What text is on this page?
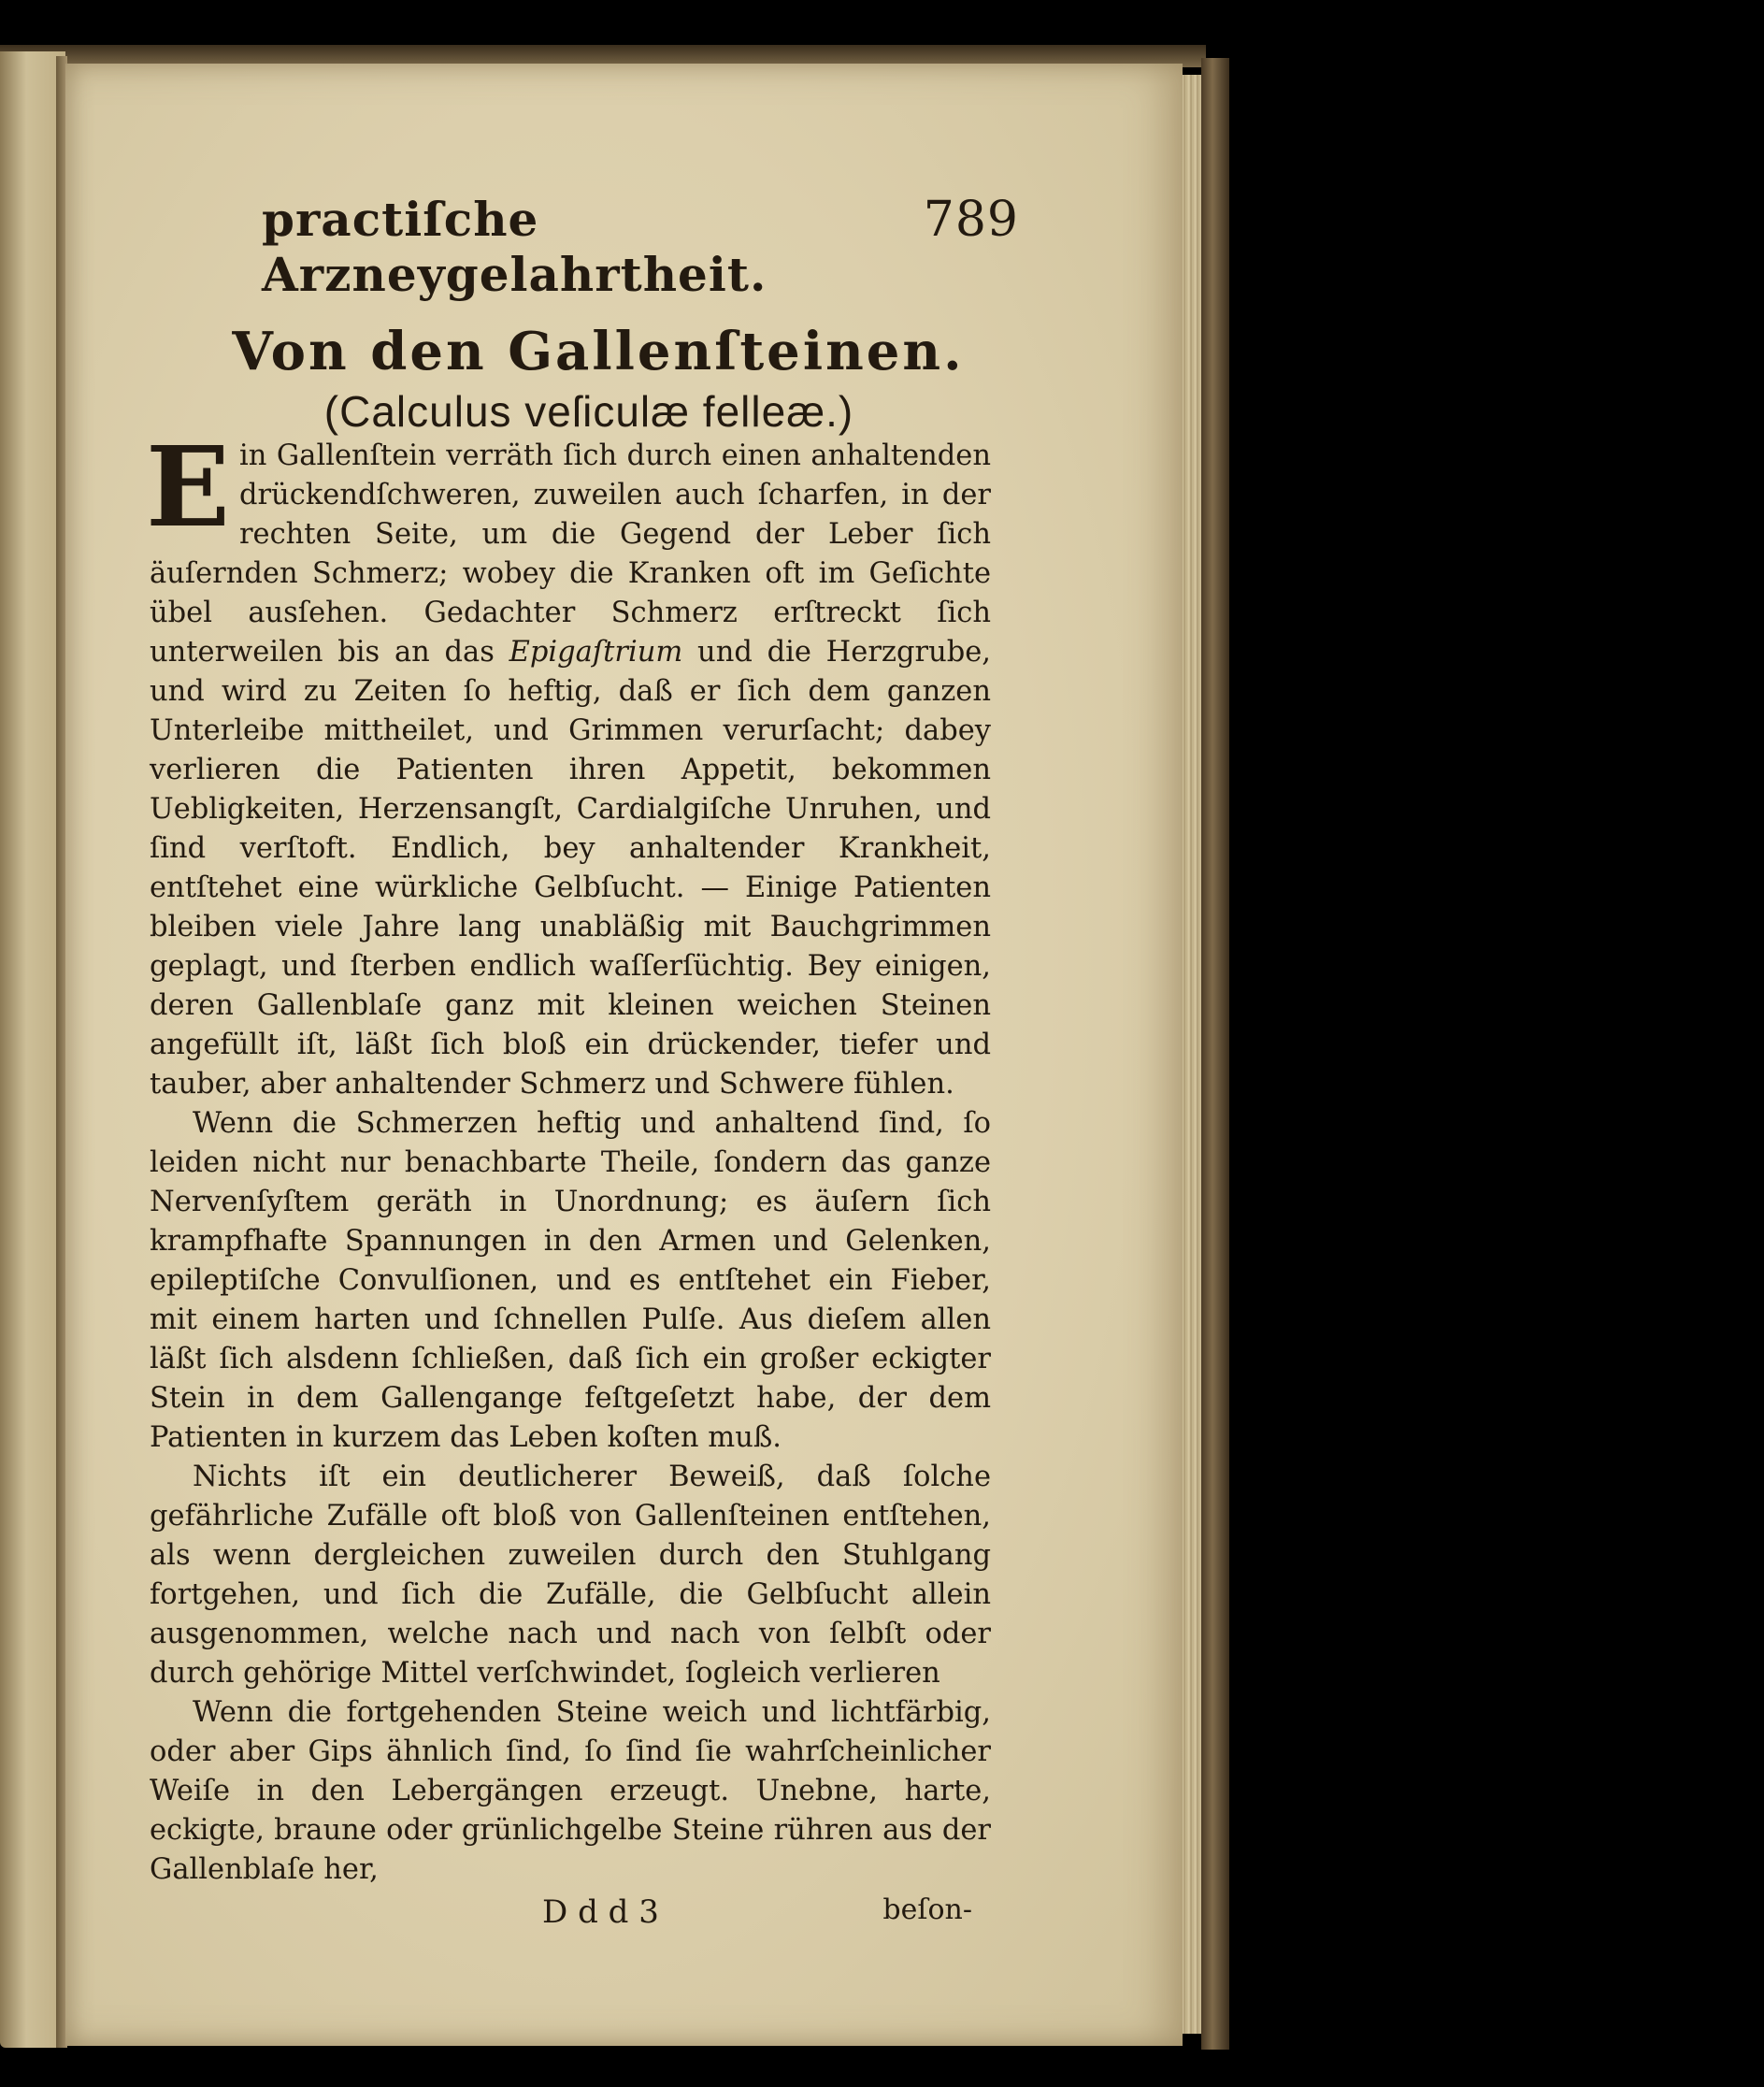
practiſche Arzneygelahrtheit.
789
Von den Gallenſteinen.
(Calculus veſiculæ felleæ.)

Ein Gallenſtein verräth ſich durch einen anhaltenden drückendſchweren, zuweilen auch ſcharfen, in der rechten Seite, um die Gegend der Leber ſich äuſernden Schmerz; wobey die Kranken oft im Geſichte übel ausſehen. Gedachter Schmerz erſtreckt ſich unterweilen bis an das Epigaſtrium und die Herzgrube, und wird zu Zeiten ſo heftig, daß er ſich dem ganzen Unterleibe mittheilet, und Grimmen verurſacht; dabey verlieren die Patienten ihren Appetit, bekommen Uebligkeiten, Herzensangſt, Cardialgiſche Unruhen, und ſind verſtoft. Endlich, bey anhaltender Krankheit, entſtehet eine würkliche Gelbſucht. — Einige Patienten bleiben viele Jahre lang unabläßig mit Bauchgrimmen geplagt, und ſterben endlich waſſerſüchtig. Bey einigen, deren Gallenblaſe ganz mit kleinen weichen Steinen angefüllt iſt, läßt ſich bloß ein drückender, tiefer und tauber, aber anhaltender Schmerz und Schwere fühlen.

Wenn die Schmerzen heftig und anhaltend ſind, ſo leiden nicht nur benachbarte Theile, ſondern das ganze Nervenſyſtem geräth in Unordnung; es äuſern ſich krampfhafte Spannungen in den Armen und Gelenken, epileptiſche Convulſionen, und es entſtehet ein Fieber, mit einem harten und ſchnellen Pulſe. Aus dieſem allen läßt ſich alsdenn ſchließen, daß ſich ein großer eckigter Stein in dem Gallengange feſtgeſetzt habe, der dem Patienten in kurzem das Leben koſten muß.

Nichts iſt ein deutlicherer Beweiß, daß ſolche gefährliche Zufälle oft bloß von Gallenſteinen entſtehen, als wenn dergleichen zuweilen durch den Stuhlgang fortgehen, und ſich die Zufälle, die Gelbſucht allein ausgenommen, welche nach und nach von ſelbſt oder durch gehörige Mittel verſchwindet, ſogleich verlieren

Wenn die fortgehenden Steine weich und lichtfärbig, oder aber Gips ähnlich ſind, ſo ſind ſie wahrſcheinlicher Weiſe in den Lebergängen erzeugt. Unebne, harte, eckigte, braune oder grünlichgelbe Steine rühren aus der Gallenblaſe her,

D d d 3	beſon-
